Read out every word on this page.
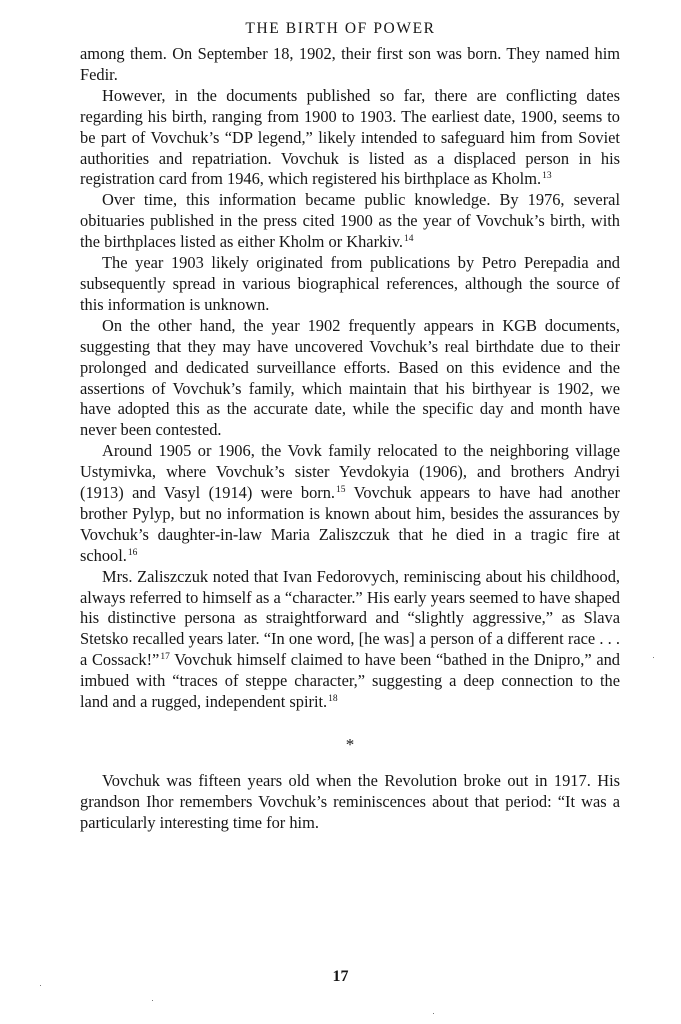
THE BIRTH OF POWER

among them. On September 18, 1902, their first son was born. They named him Fedir.

However, in the documents published so far, there are conflicting dates regarding his birth, ranging from 1900 to 1903. The earliest date, 1900, seems to be part of Vovchuk’s “DP legend,” likely intended to safeguard him from Soviet authorities and repatriation. Vovchuk is listed as a displaced person in his registration card from 1946, which registered his birthplace as Kholm.$^{13}$

Over time, this information became public knowledge. By 1976, several obituaries published in the press cited 1900 as the year of Vovchuk’s birth, with the birthplaces listed as either Kholm or Kharkiv.$^{14}$

The year 1903 likely originated from publications by Petro Perepadia and subsequently spread in various biographical references, although the source of this information is unknown.

On the other hand, the year 1902 frequently appears in KGB documents, suggesting that they may have uncovered Vovchuk’s real birthdate due to their prolonged and dedicated surveillance efforts. Based on this evidence and the assertions of Vovchuk’s family, which maintain that his birthyear is 1902, we have adopted this as the accurate date, while the specific day and month have never been contested.

Around 1905 or 1906, the Vovk family relocated to the neighboring village Ustymivka, where Vovchuk’s sister Yevdokyia (1906), and brothers Andryi (1913) and Vasyl (1914) were born.$^{15}$ Vovchuk appears to have had another brother Pylyp, but no information is known about him, besides the assurances by Vovchuk’s daughter-in-law Maria Zaliszczuk that he died in a tragic fire at school.$^{16}$

Mrs. Zaliszczuk noted that Ivan Fedorovych, reminiscing about his childhood, always referred to himself as a “character.” His early years seemed to have shaped his distinctive persona as straightforward and “slightly aggressive,” as Slava Stetsko recalled years later. “In one word, [he was] a person of a different race . . . a Cossack!”$^{17}$ Vovchuk himself claimed to have been “bathed in the Dnipro,” and imbued with “traces of steppe character,” suggesting a deep connection to the land and a rugged, independent spirit.$^{18}$

*

Vovchuk was fifteen years old when the Revolution broke out in 1917. His grandson Ihor remembers Vovchuk’s reminiscences about that period: “It was a particularly interesting time for him.

17
